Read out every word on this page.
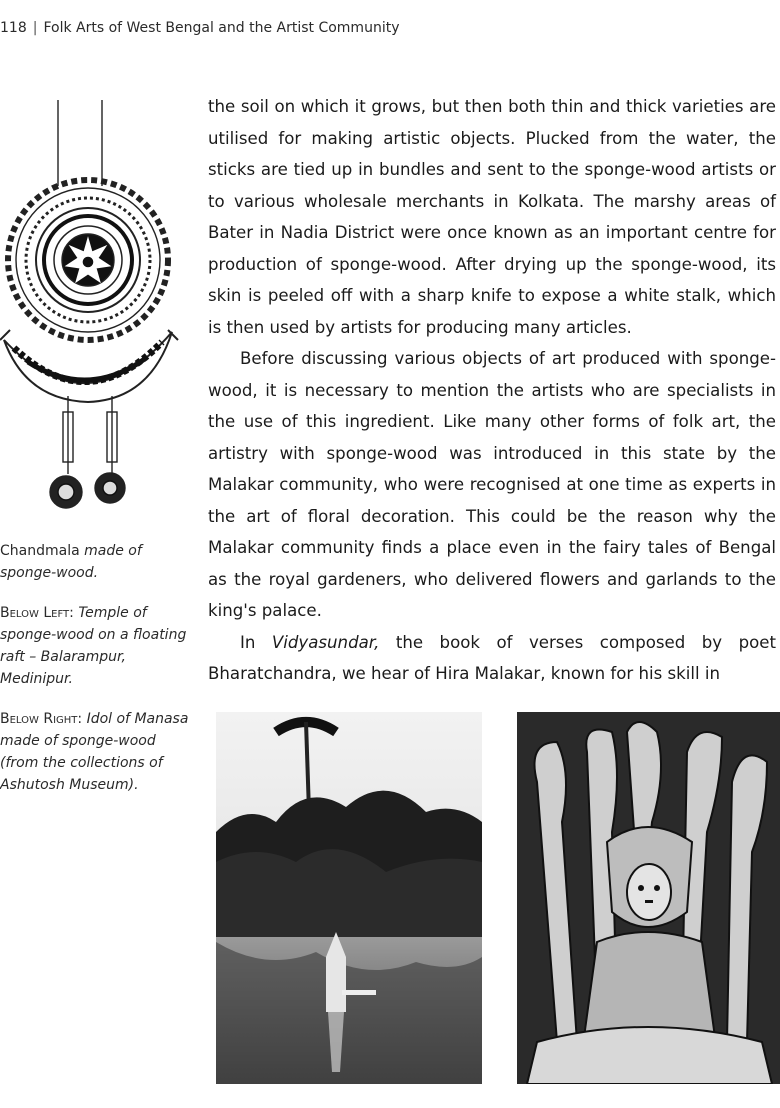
118 | Folk Arts of West Bengal and the Artist Community
Chandmala made of sponge-wood.
Below Left: Temple of sponge-wood on a floating raft – Balarampur, Medinipur.
Below Right: Idol of Manasa made of sponge-wood (from the collections of Ashutosh Museum).

the soil on which it grows, but then both thin and thick varieties are utilised for making artistic objects. Plucked from the water, the sticks are tied up in bundles and sent to the sponge-wood artists or to various wholesale merchants in Kolkata. The marshy areas of Bater in Nadia District were once known as an important centre for production of sponge-wood. After drying up the sponge-wood, its skin is peeled off with a sharp knife to expose a white stalk, which is then used by artists for producing many articles.

Before discussing various objects of art produced with sponge-wood, it is necessary to mention the artists who are specialists in the use of this ingredient. Like many other forms of folk art, the artistry with sponge-wood was introduced in this state by the Malakar community, who were recognised at one time as experts in the art of floral decoration. This could be the reason why the Malakar community finds a place even in the fairy tales of Bengal as the royal gardeners, who delivered flowers and garlands to the king's palace.

In Vidyasundar, the book of verses composed by poet Bharatchandra, we hear of Hira Malakar, known for his skill in
